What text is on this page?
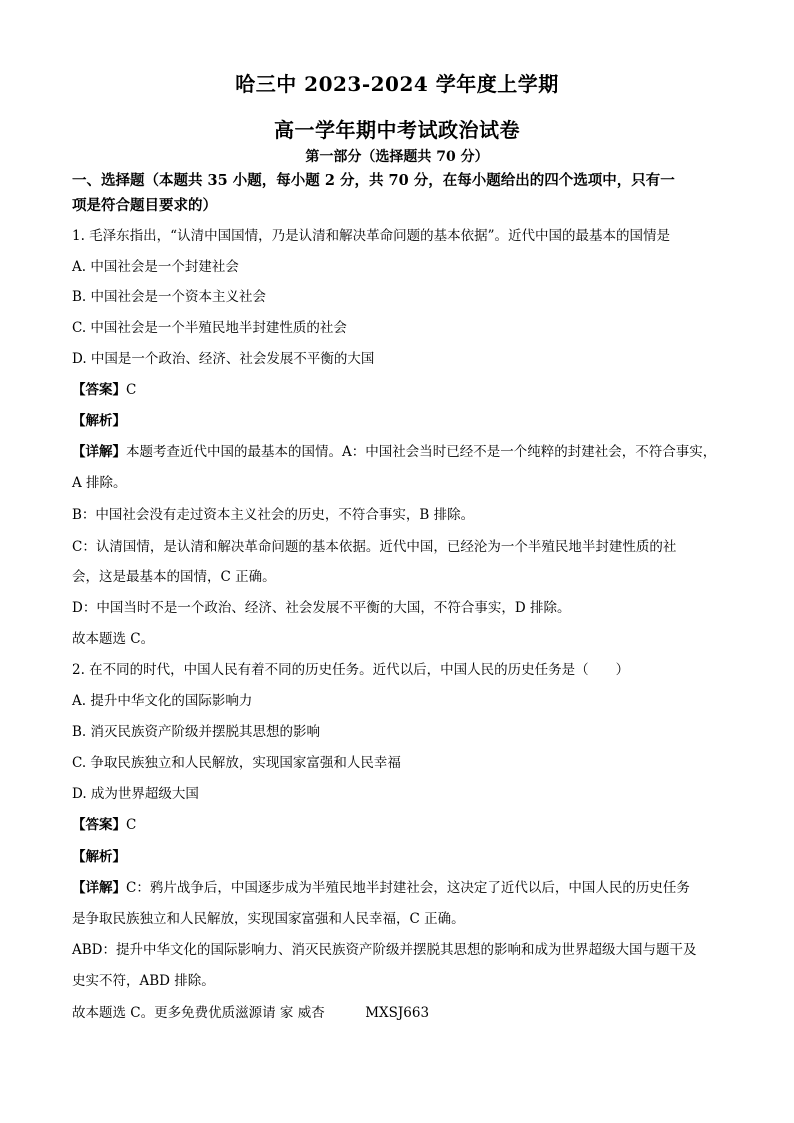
哈三中 2023-2024 学年度上学期
高一学年期中考试政治试卷
第一部分（选择题共 70 分）
一、选择题（本题共 35 小题，每小题 2 分，共 70 分，在每小题给出的四个选项中，只有一
项是符合题目要求的）
1. 毛泽东指出，“认清中国国情，乃是认清和解决革命问题的基本依据”。近代中国的最基本的国情是
A. 中国社会是一个封建社会
B. 中国社会是一个资本主义社会
C. 中国社会是一个半殖民地半封建性质的社会
D. 中国是一个政治、经济、社会发展不平衡的大国
【答案】C
【解析】
【详解】本题考查近代中国的最基本的国情。A：中国社会当时已经不是一个纯粹的封建社会，不符合事实，
A 排除。
B：中国社会没有走过资本主义社会的历史，不符合事实，B 排除。
C：认清国情，是认清和解决革命问题的基本依据。近代中国，已经沦为一个半殖民地半封建性质的社
会，这是最基本的国情，C 正确。
D：中国当时不是一个政治、经济、社会发展不平衡的大国，不符合事实，D 排除。
故本题选 C。
2. 在不同的时代，中国人民有着不同的历史任务。近代以后，中国人民的历史任务是（　　）
A. 提升中华文化的国际影响力
B. 消灭民族资产阶级并摆脱其思想的影响
C. 争取民族独立和人民解放，实现国家富强和人民幸福
D. 成为世界超级大国
【答案】C
【解析】
【详解】C：鸦片战争后，中国逐步成为半殖民地半封建社会，这决定了近代以后，中国人民的历史任务
是争取民族独立和人民解放，实现国家富强和人民幸福，C 正确。
ABD：提升中华文化的国际影响力、消灭民族资产阶级并摆脱其思想的影响和成为世界超级大国与题干及
史实不符，ABD 排除。
故本题选 C。更多免费优质滋源请 家 威杏　　　MXSJ663
